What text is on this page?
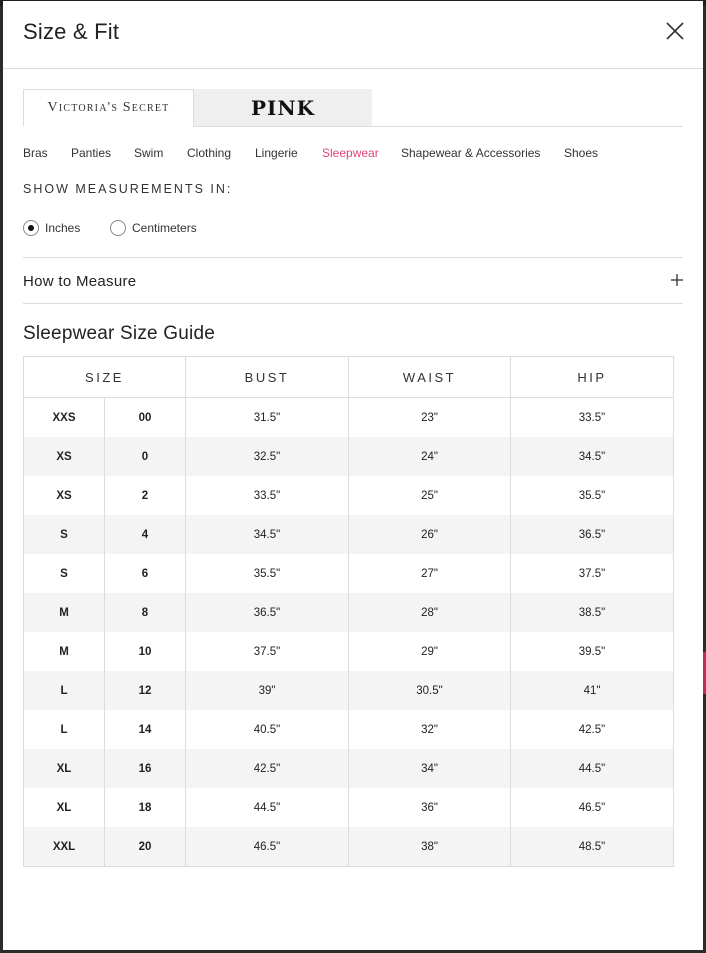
Size & Fit
Victoria's Secret	PINK
Bras Panties Swim Clothing Lingerie Sleepwear Shapewear & Accessories Shoes
SHOW MEASUREMENTS IN:
Inches	Centimeters
How to Measure
Sleepwear Size Guide
SIZE		BUST	WAIST	HIP
XXS	00	31.5"	23"	33.5"
XS	0	32.5"	24"	34.5"
XS	2	33.5"	25"	35.5"
S	4	34.5"	26"	36.5"
S	6	35.5"	27"	37.5"
M	8	36.5"	28"	38.5"
M	10	37.5"	29"	39.5"
L	12	39"	30.5"	41"
L	14	40.5"	32"	42.5"
XL	16	42.5"	34"	44.5"
XL	18	44.5"	36"	46.5"
XXL	20	46.5"	38"	48.5"
